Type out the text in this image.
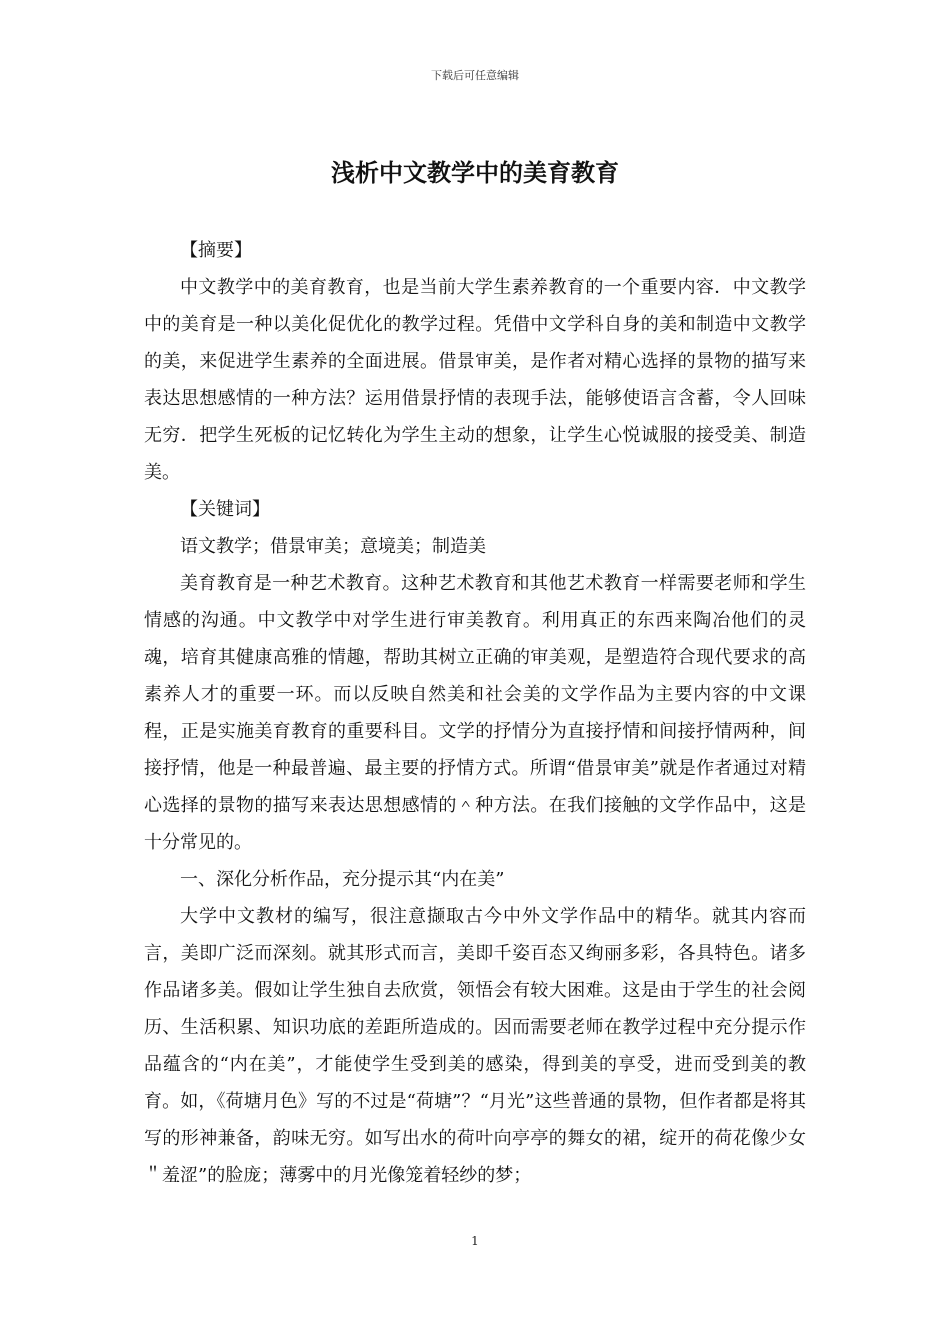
下载后可任意编辑
浅析中文教学中的美育教育

【摘要】

中文教学中的美育教育，也是当前大学生素养教育的一个重要内容．中文教学中的美育是一种以美化促优化的教学过程。凭借中文学科自身的美和制造中文教学的美，来促进学生素养的全面进展。借景审美，是作者对精心选择的景物的描写来表达思想感情的一种方法？运用借景抒情的表现手法，能够使语言含蓄，令人回味无穷．把学生死板的记忆转化为学生主动的想象，让学生心悦诚服的接受美、制造美。

【关键词】

语文教学；借景审美；意境美；制造美

美育教育是一种艺术教育。这种艺术教育和其他艺术教育一样需要老师和学生情感的沟通。中文教学中对学生进行审美教育。利用真正的东西来陶冶他们的灵魂，培育其健康高雅的情趣，帮助其树立正确的审美观，是塑造符合现代要求的高素养人才的重要一环。而以反映自然美和社会美的文学作品为主要内容的中文课程，正是实施美育教育的重要科目。文学的抒情分为直接抒情和间接抒情两种，间接抒情，他是一种最普遍、最主要的抒情方式。所谓“借景审美”就是作者通过对精心选择的景物的描写来表达思想感情的＾种方法。在我们接触的文学作品中，这是十分常见的。

一、深化分析作品，充分提示其“内在美”

大学中文教材的编写，很注意撷取古今中外文学作品中的精华。就其内容而言，美即广泛而深刻。就其形式而言，美即千姿百态又绚丽多彩，各具特色。诸多作品诸多美。假如让学生独自去欣赏，领悟会有较大困难。这是由于学生的社会阅历、生活积累、知识功底的差距所造成的。因而需要老师在教学过程中充分提示作品蕴含的“内在美”，才能使学生受到美的感染，得到美的享受，进而受到美的教育。如，《荷塘月色》写的不过是“荷塘”？“月光”这些普通的景物，但作者都是将其写的形神兼备，韵味无穷。如写出水的荷叶向亭亭的舞女的裙，绽开的荷花像少女＂羞涩”的脸庞；薄雾中的月光像笼着轻纱的梦；

1
